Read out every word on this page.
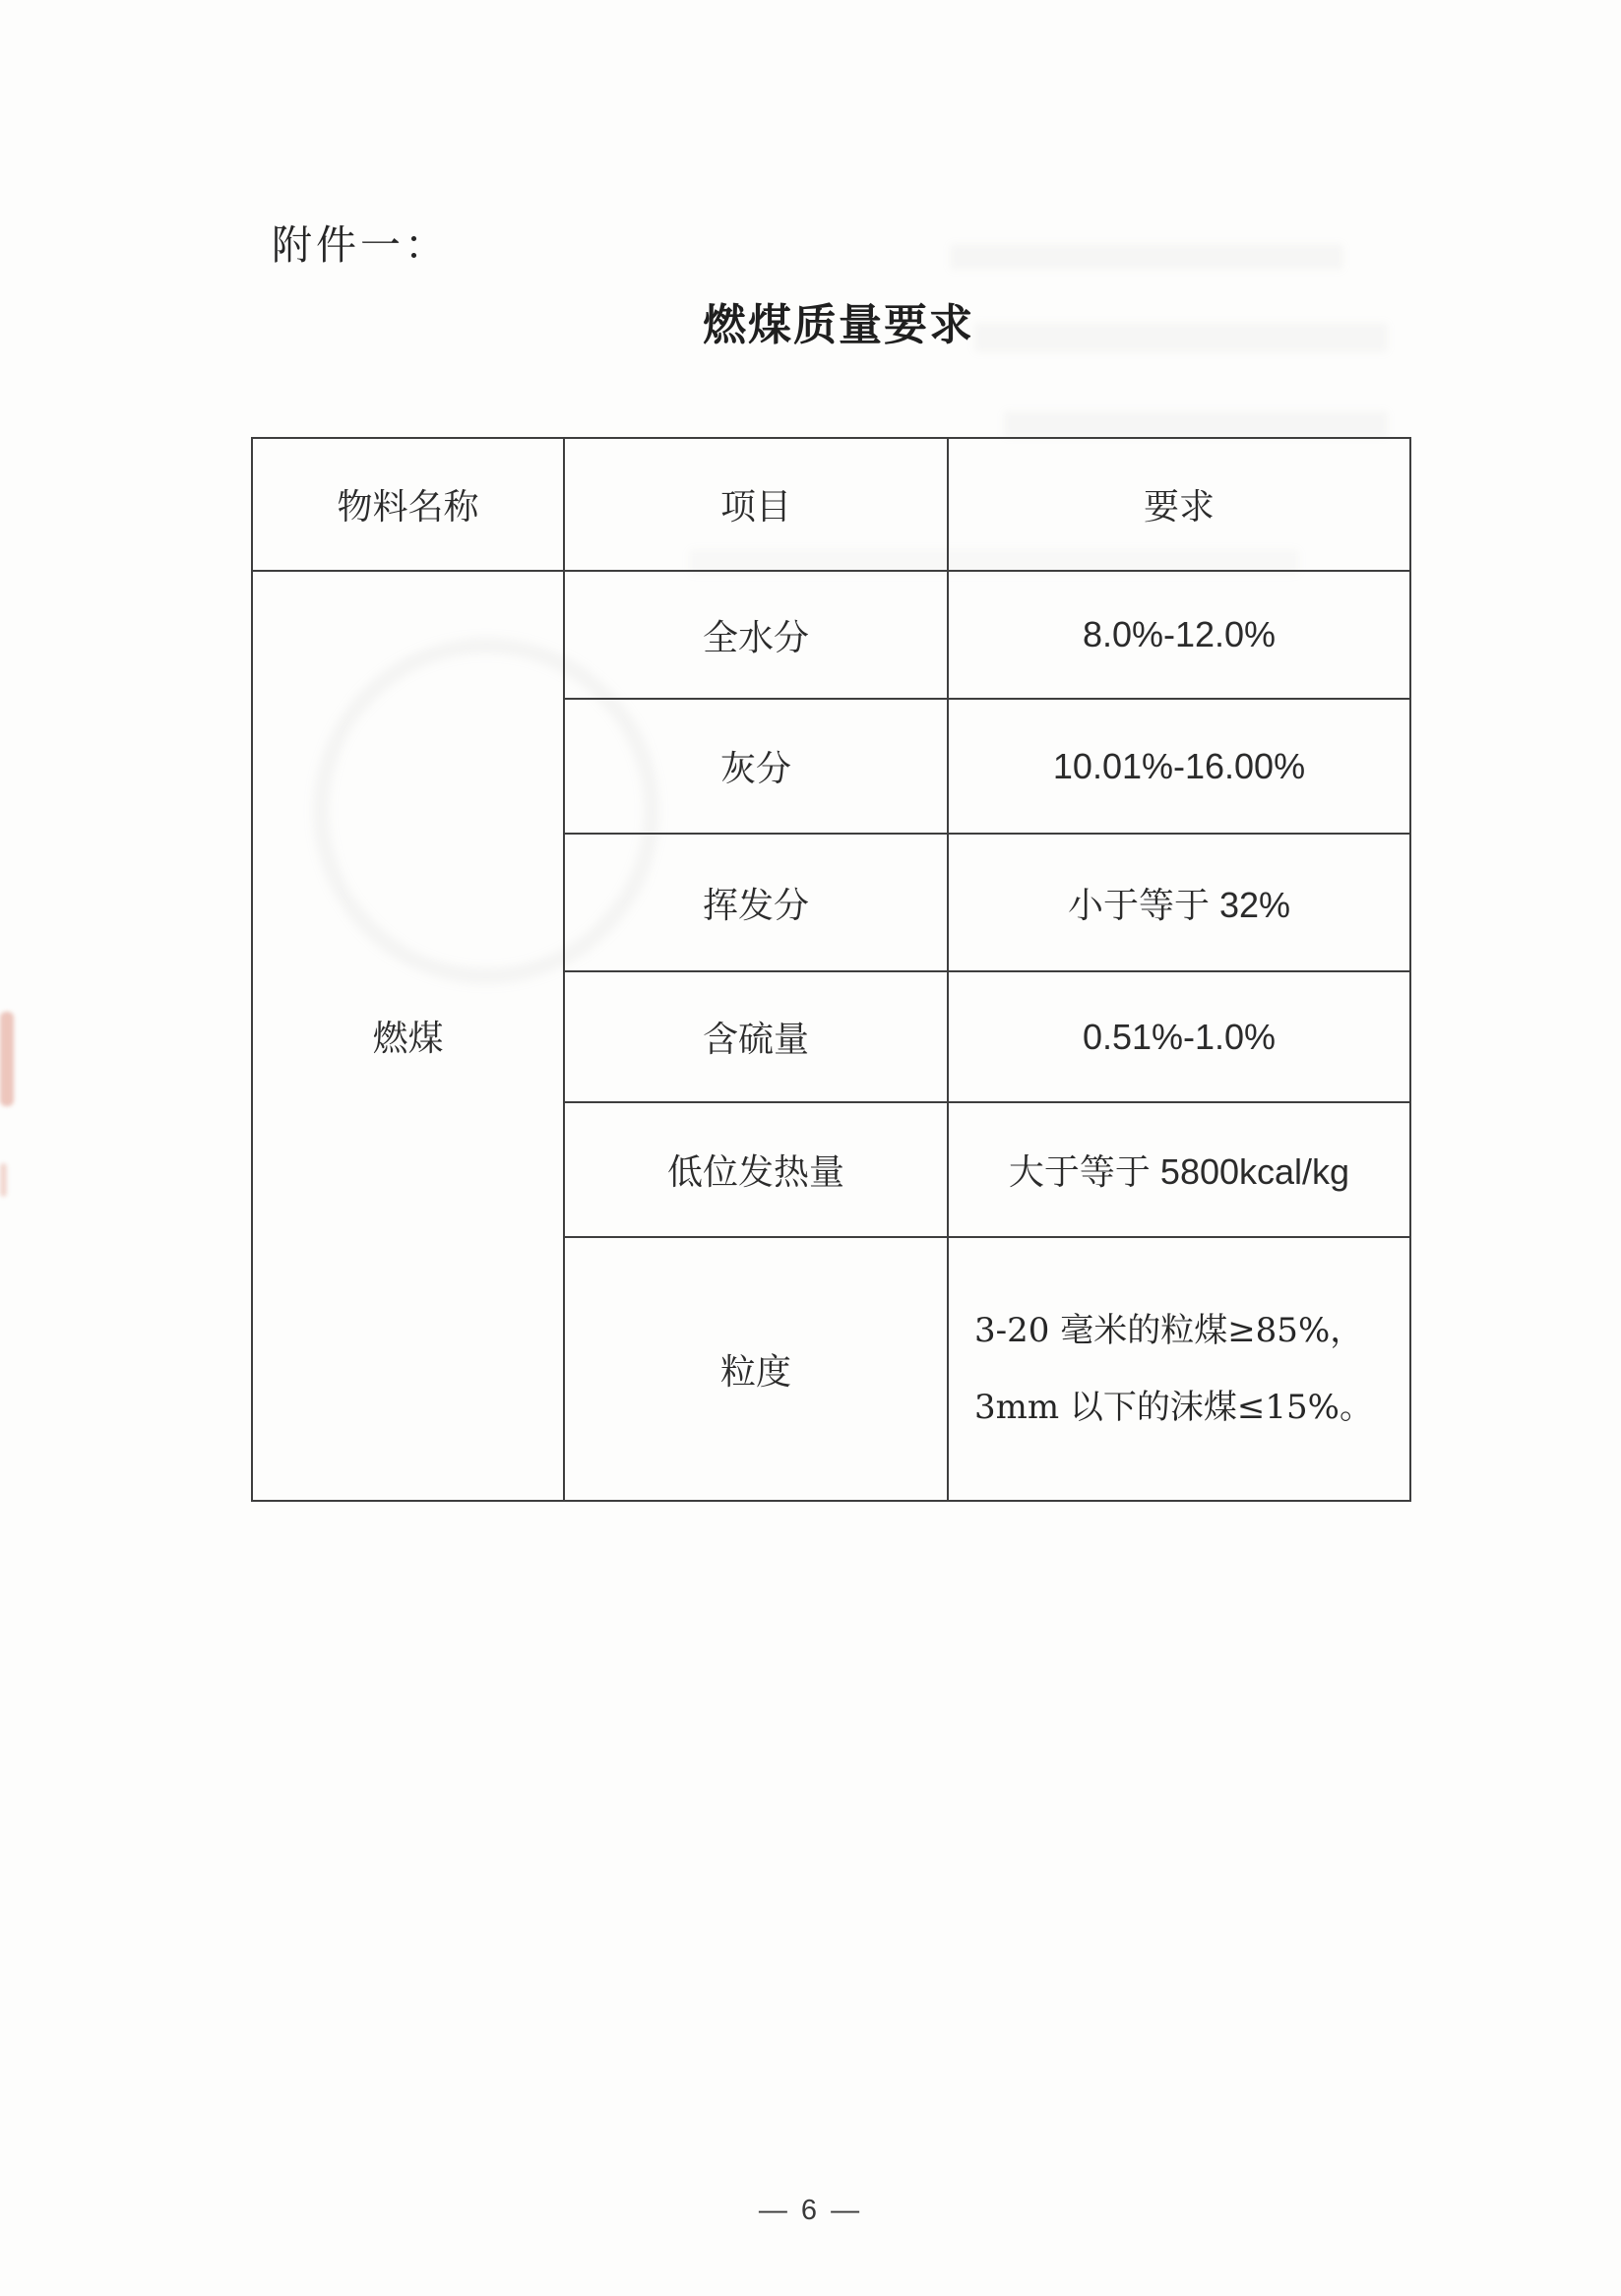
附件一：
燃煤质量要求
物料名称	项目	要求
燃煤	全水分	8.0%-12.0%
	灰分	10.01%-16.00%
	挥发分	小于等于 32%
	含硫量	0.51%-1.0%
	低位发热量	大于等于 5800kcal/kg
	粒度	3-20 毫米的粒煤≥85%，
3mm 以下的沫煤≤15%。
— 6 —
